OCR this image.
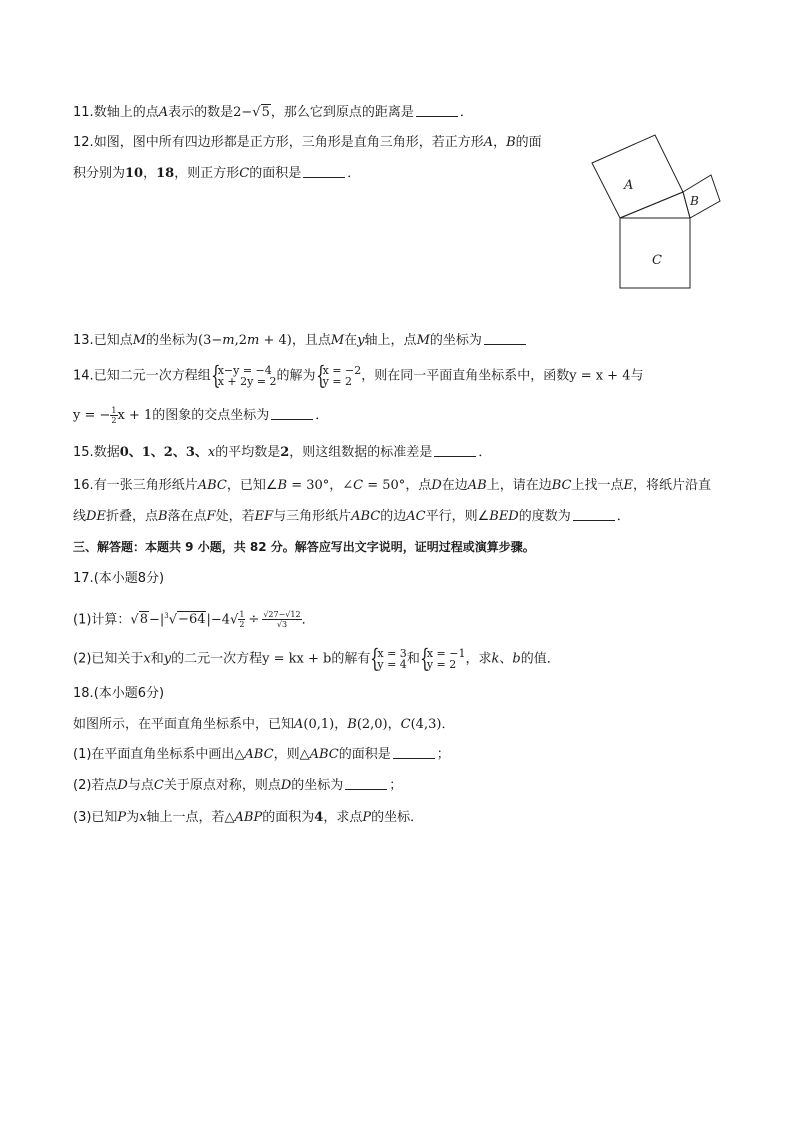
11.数轴上的点A表示的数是2−√5，那么它到原点的距离是	．
12.如图，图中所有四边形都是正方形，三角形是直角三角形，若正方形A，B的面
积分别为10，18，则正方形C的面积是	．
A
B
C
13.已知点M的坐标为(3−m,2m + 4)，且点M在y轴上，点M的坐标为
14.已知二元一次方程组 { x−y = −4
x + 2y = 2 的解为 { x = −2
y = 2 ，则在同一平面直角坐标系中，函数y = x + 4与
y = − $\frac{1}{2}$ x + 1的图象的交点坐标为	．
15.数据0、1、2、3、x的平均数是2，则这组数据的标准差是	．
16.有一张三角形纸片ABC，已知∠B = 30°，∠C = 50°，点D在边AB上，请在边BC上找一点E，将纸片沿直
线DE折叠，点B落在点F处，若EF与三角形纸片ABC的边AC平行，则∠BED的度数为	．
三、解答题：本题共 9 小题，共 82 分。解答应写出文字说明，证明过程或演算步骤。
17.(本小题8分)
(1)计算：$√8-|^3√-64|-4√ \frac{1}{2} \div \frac{√27-√12}{√3}$ ．
(2)已知关于x和y的二元一次方程y = kx + b的解有 { x = 3
y = 4 和 { x = −1
y = 2 ，求k、b的值．
18.(本小题6分)
如图所示，在平面直角坐标系中，已知A(0,1)，B(2,0)，C(4,3)．
(1)在平面直角坐标系中画出△ABC，则△ABC的面积是	；
(2)若点D与点C关于原点对称，则点D的坐标为	；
(3)已知P为x轴上一点，若△ABP的面积为4，求点P的坐标．
